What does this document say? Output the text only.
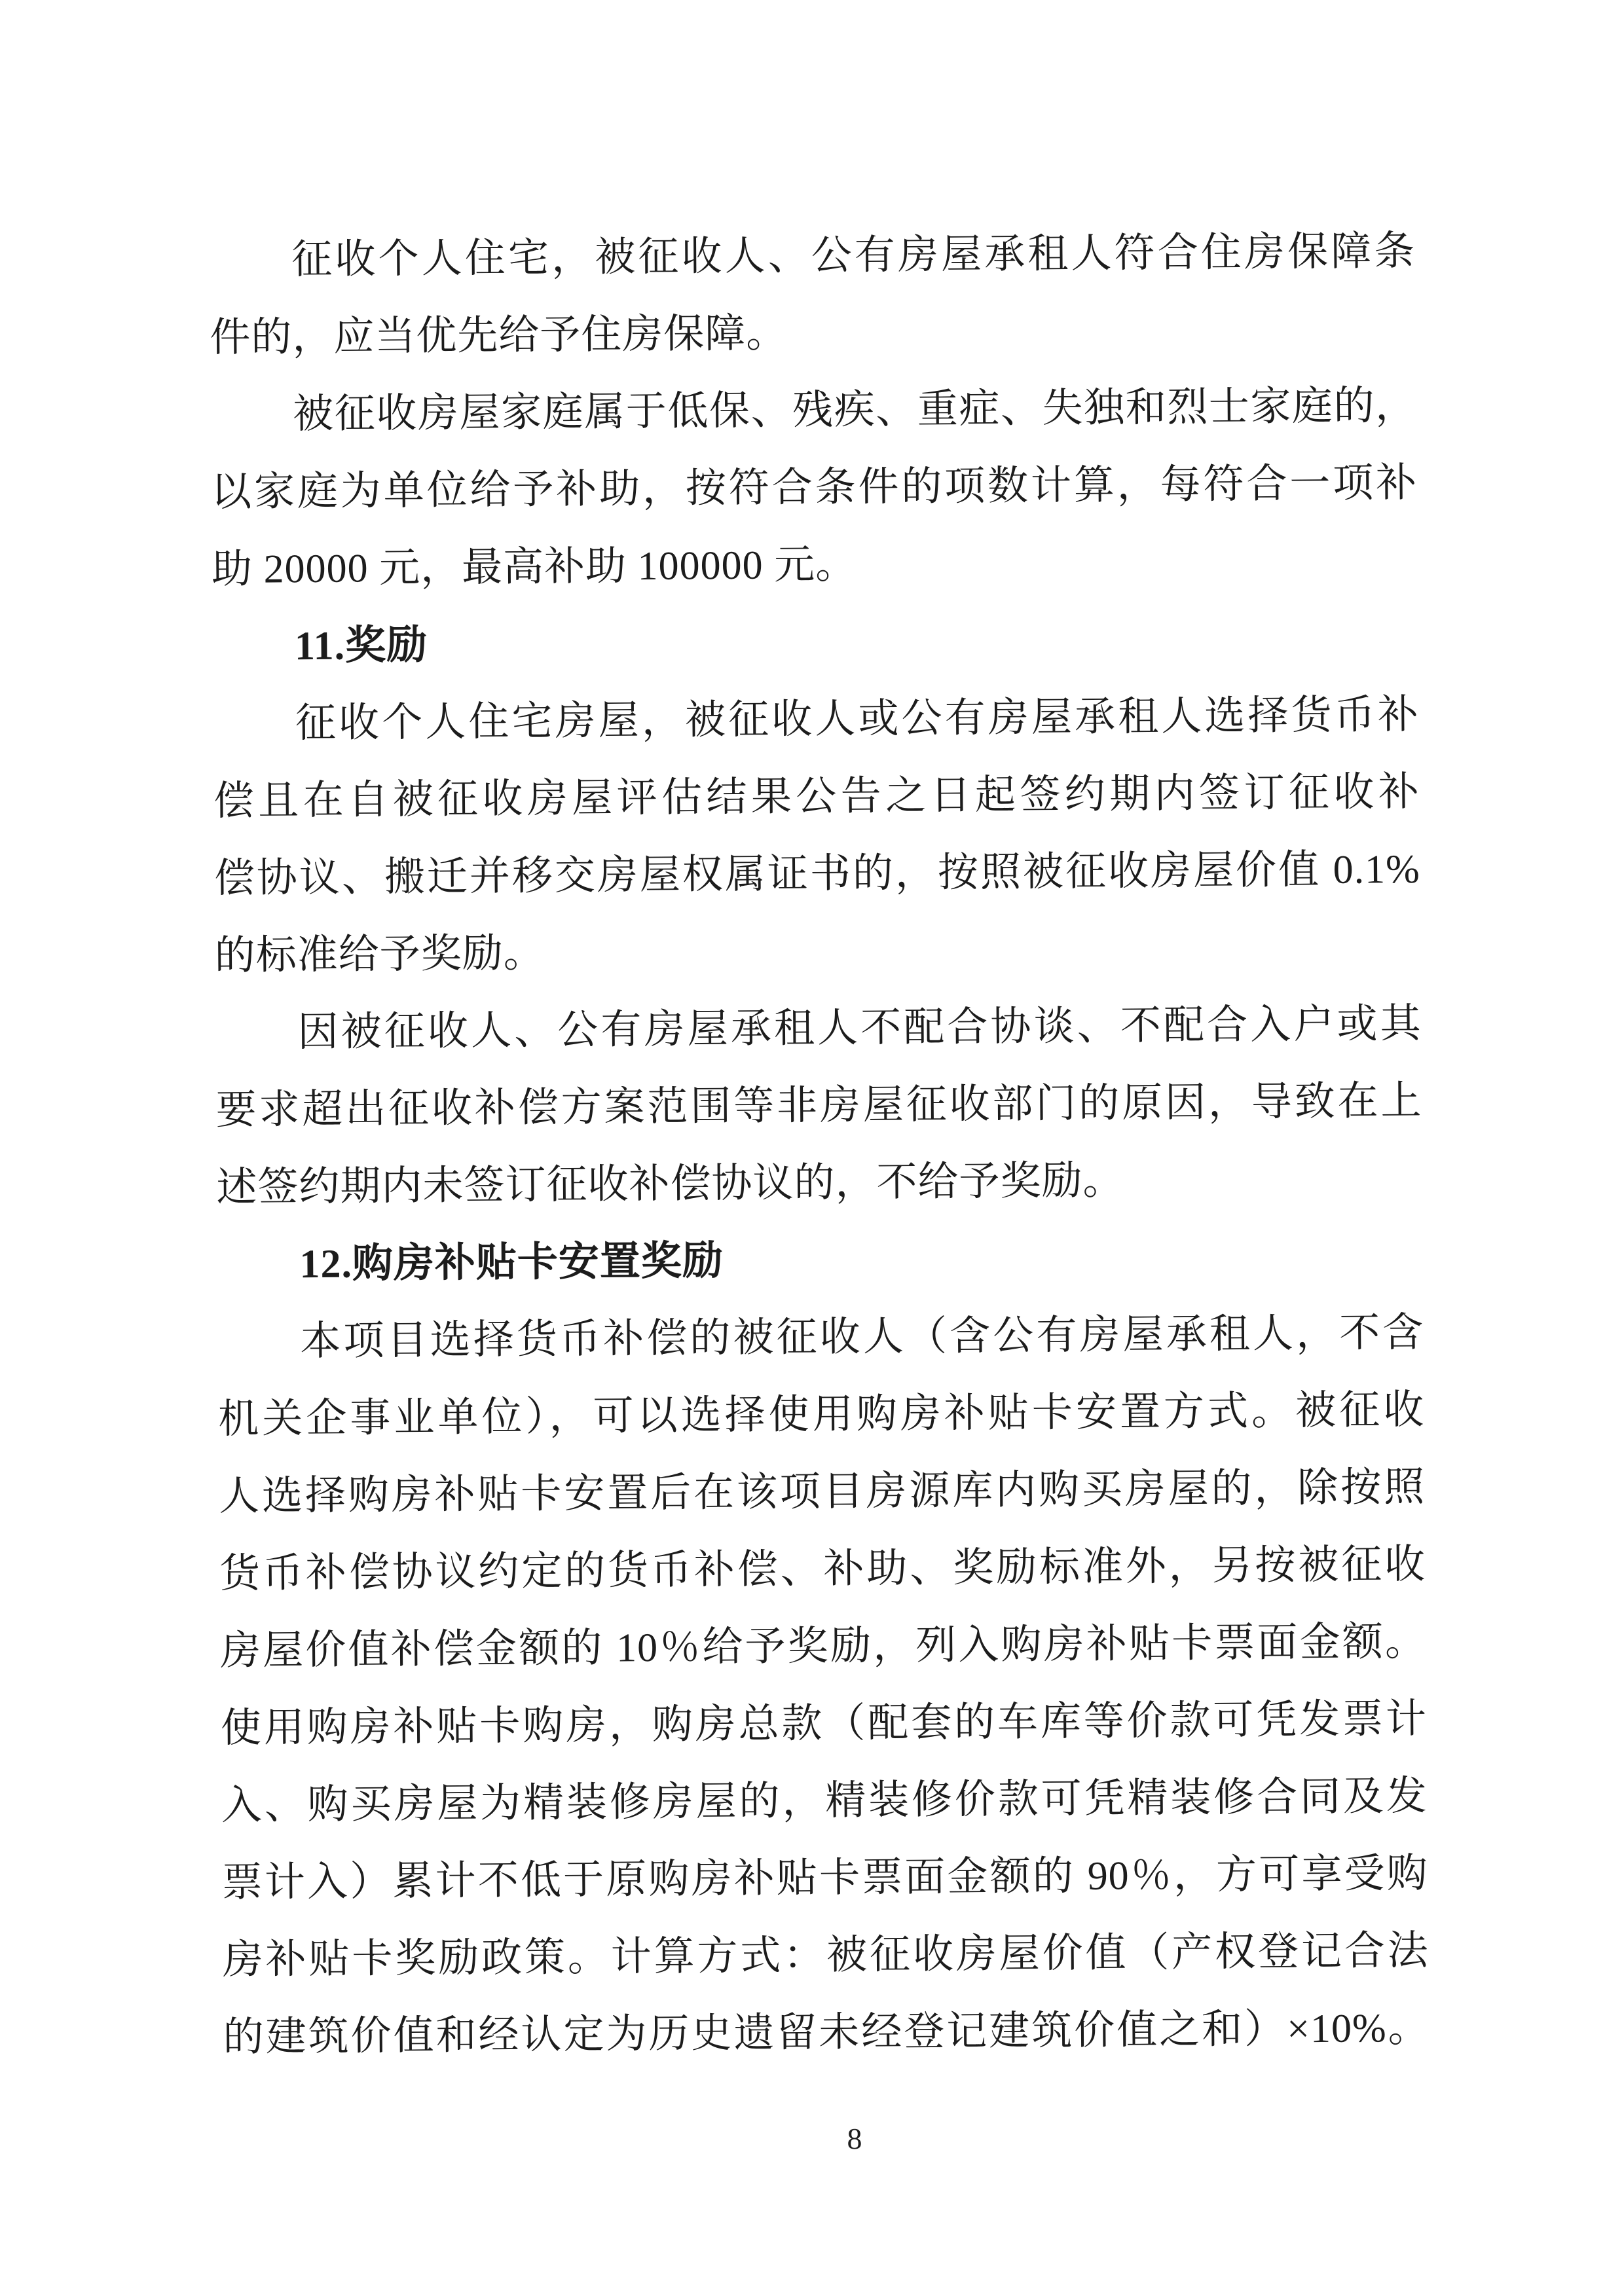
征收个人住宅，被征收人、公有房屋承租人符合住房保障条
件的，应当优先给予住房保障。
被征收房屋家庭属于低保、残疾、重症、失独和烈士家庭的，
以家庭为单位给予补助，按符合条件的项数计算，每符合一项补
助 20000 元，最高补助 100000 元。
11.奖励
征收个人住宅房屋，被征收人或公有房屋承租人选择货币补
偿且在自被征收房屋评估结果公告之日起签约期内签订征收补
偿协议、搬迁并移交房屋权属证书的，按照被征收房屋价值 0.1%
的标准给予奖励。
因被征收人、公有房屋承租人不配合协谈、不配合入户或其
要求超出征收补偿方案范围等非房屋征收部门的原因，导致在上
述签约期内未签订征收补偿协议的，不给予奖励。
12.购房补贴卡安置奖励
本项目选择货币补偿的被征收人（含公有房屋承租人，不含
机关企事业单位），可以选择使用购房补贴卡安置方式。被征收
人选择购房补贴卡安置后在该项目房源库内购买房屋的，除按照
货币补偿协议约定的货币补偿、补助、奖励标准外，另按被征收
房屋价值补偿金额的 10％给予奖励，列入购房补贴卡票面金额。
使用购房补贴卡购房，购房总款（配套的车库等价款可凭发票计
入、购买房屋为精装修房屋的，精装修价款可凭精装修合同及发
票计入）累计不低于原购房补贴卡票面金额的 90％，方可享受购
房补贴卡奖励政策。计算方式：被征收房屋价值（产权登记合法
的建筑价值和经认定为历史遗留未经登记建筑价值之和）×10%。
8
